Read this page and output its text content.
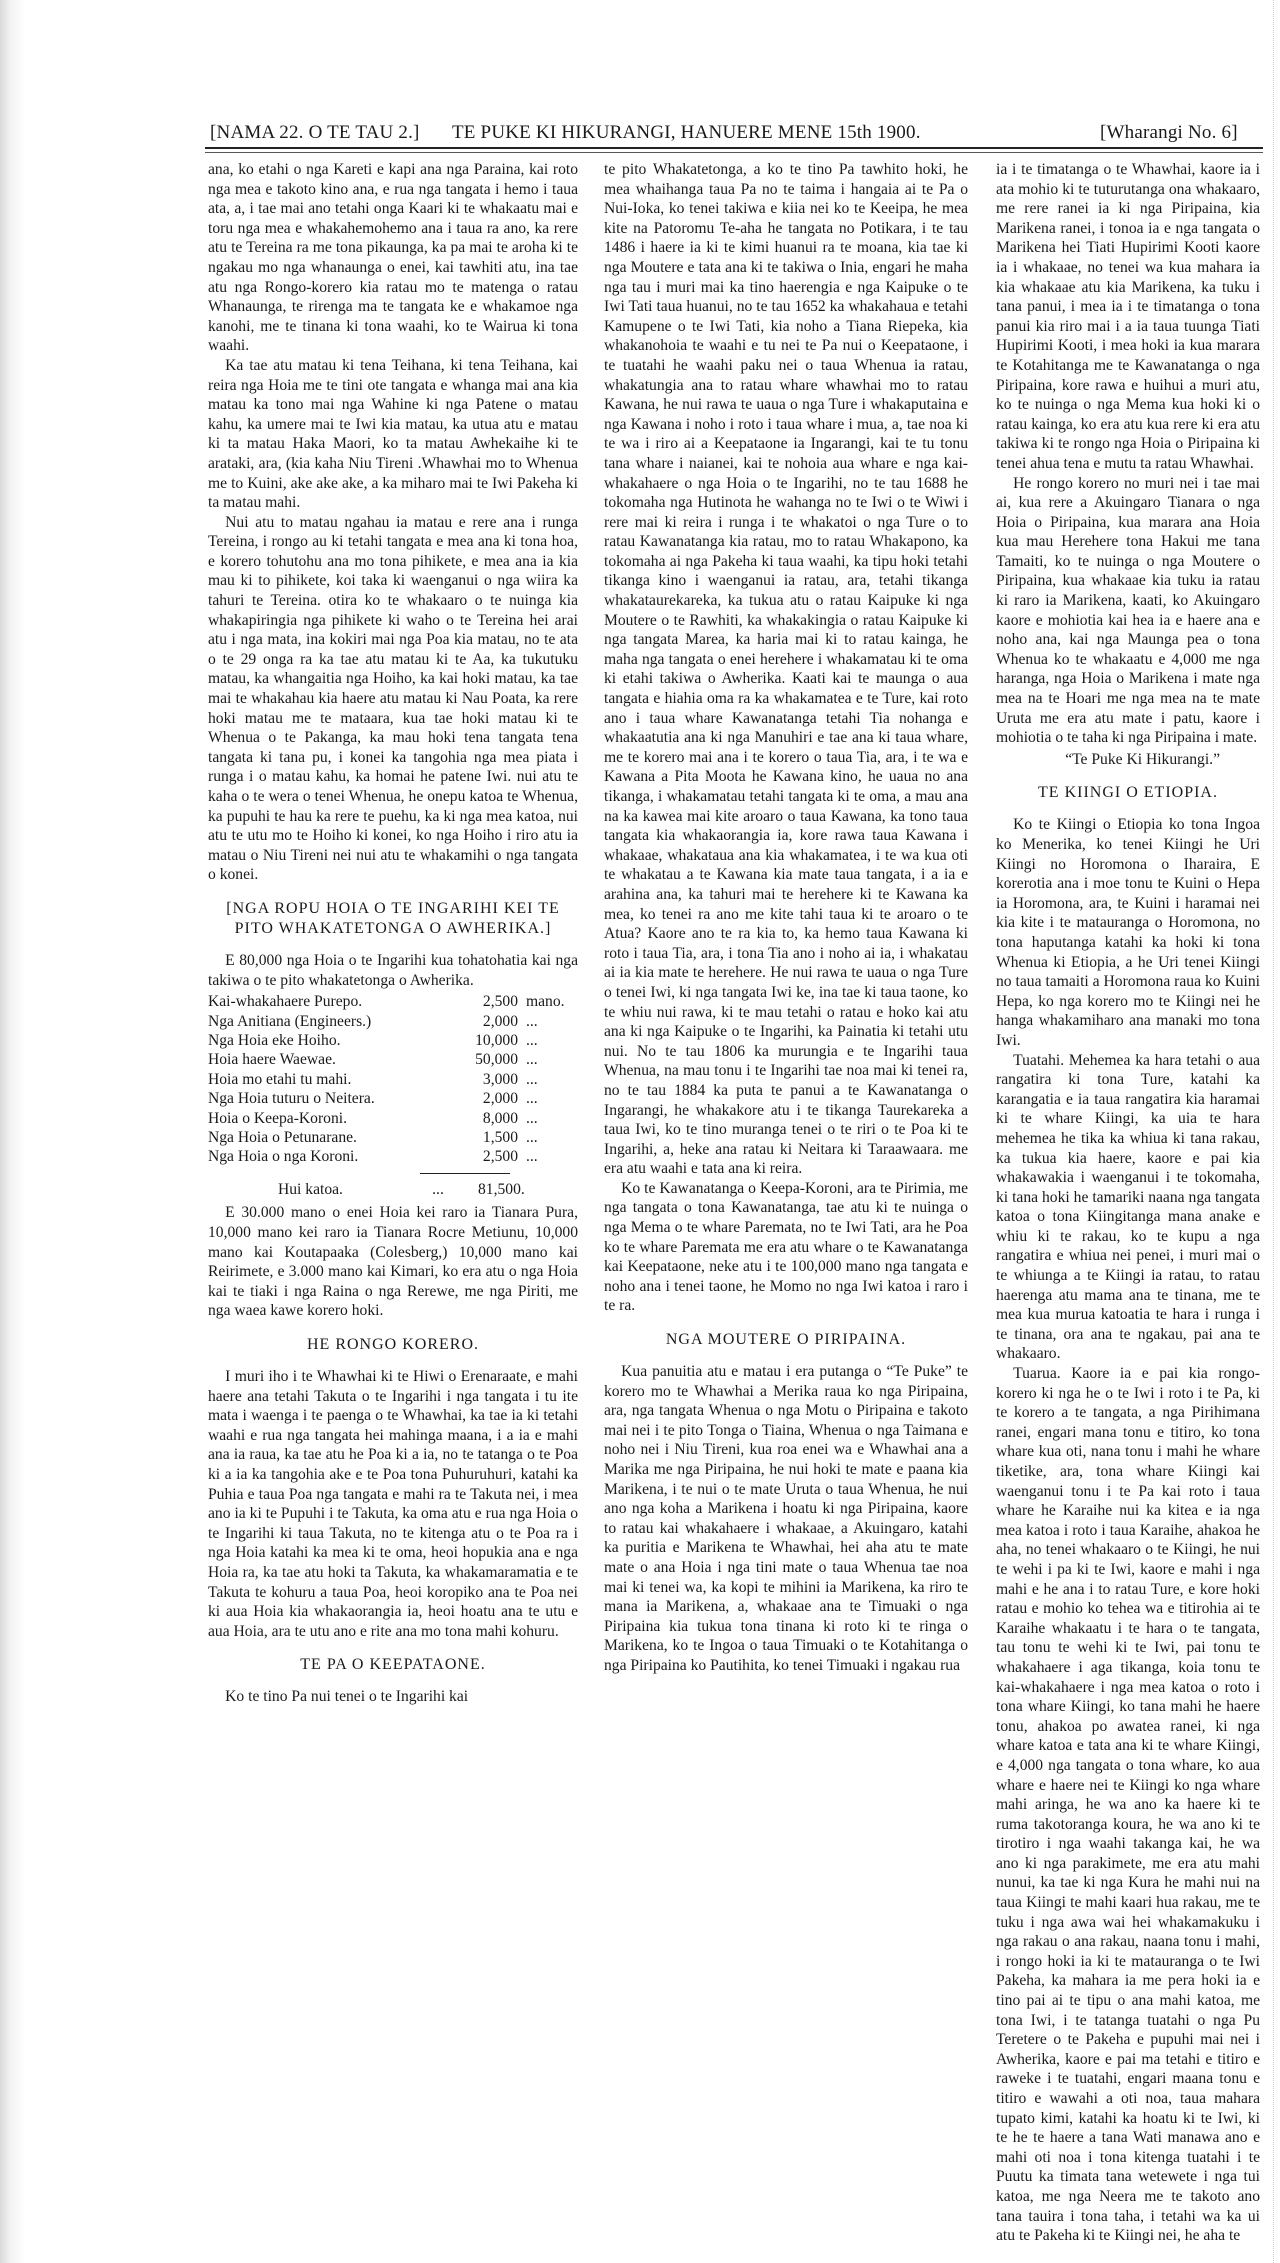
[NAMA 22. O TE TAU 2.] TE PUKE KI HIKURANGI, HANUERE MENE 15th 1900.	[Wharangi No. 6]

ana, ko etahi o nga Kareti e kapi ana nga Paraina, kai roto nga mea e takoto kino ana, e rua nga tangata i hemo i taua ata, a, i tae mai ano tetahi onga Kaari ki te whakaatu mai e toru nga mea e whakahemohemo ana i taua ra ano, ka rere atu te Tereina ra me tona pikaunga, ka pa mai te aroha ki te ngakau mo nga whanaunga o enei, kai tawhiti atu, ina tae atu nga Rongo-korero kia ratau mo te matenga o ratau Whanaunga, te rirenga ma te tangata ke e whakamoe nga kanohi, me te tinana ki tona waahi, ko te Wairua ki tona waahi.

Ka tae atu matau ki tena Teihana, ki tena Teihana, kai reira nga Hoia me te tini ote tangata e whanga mai ana kia matau ka tono mai nga Wahine ki nga Patene o matau kahu, ka umere mai te Iwi kia matau, ka utua atu e matau ki ta matau Haka Maori, ko ta matau Awhekaihe ki te arataki, ara, (kia kaha Niu Tireni .Whawhai mo to Whenua me to Kuini, ake ake ake, a ka miharo mai te Iwi Pakeha ki ta matau mahi.

Nui atu to matau ngahau ia matau e rere ana i runga Tereina, i rongo au ki tetahi tangata e mea ana ki tona hoa, e korero tohutohu ana mo tona pihikete, e mea ana ia kia mau ki to pihikete, koi taka ki waenganui o nga wiira ka tahuri te Tereina. otira ko te whakaaro o te nuinga kia whakapiringia nga pihikete ki waho o te Tereina hei arai atu i nga mata, ina kokiri mai nga Poa kia matau, no te ata o te 29 onga ra ka tae atu matau ki te Aa, ka tukutuku matau, ka whangaitia nga Hoiho, ka kai hoki matau, ka tae mai te whakahau kia haere atu matau ki Nau Poata, ka rere hoki matau me te mataara, kua tae hoki matau ki te Whenua o te Pakanga, ka mau hoki tena tangata tena tangata ki tana pu, i konei ka tangohia nga mea piata i runga i o matau kahu, ka homai he patene Iwi. nui atu te kaha o te wera o tenei Whenua, he onepu katoa te Whenua, ka pupuhi te hau ka rere te puehu, ka ki nga mea katoa, nui atu te utu mo te Hoiho ki konei, ko nga Hoiho i riro atu ia matau o Niu Tireni nei nui atu te whakamihi o nga tangata o konei.

[NGA ROPU HOIA O TE INGARIHI KEI TE PITO WHAKATETONGA O AWHERIKA.]

E 80,000 nga Hoia o te Ingarihi kua tohatohatia kai nga takiwa o te pito whakatetonga o Awherika.

Kai-whakahaere Purepo.	2,500 mano.
Nga Anitiana (Engineers.)	2,000 ...
Nga Hoia eke Hoiho.	10,000 ...
Hoia haere Waewae.	50,000 ...
Hoia mo etahi tu mahi.	3,000 ...
Nga Hoia tuturu o Neitera.	2,000 ...
Hoia o Keepa-Koroni.	8,000 ...
Nga Hoia o Petunarane.	1,500 ...
Nga Hoia o nga Koroni.	2,500 ...
Hui katoa.	...	81,500.

E 30.000 mano o enei Hoia kei raro ia Tianara Pura, 10,000 mano kei raro ia Tianara Rocre Metiunu, 10,000 mano kai Koutapaaka (Colesberg,) 10,000 mano kai Reirimete, e 3.000 mano kai Kimari, ko era atu o nga Hoia kai te tiaki i nga Raina o nga Rerewe, me nga Piriti, me nga waea kawe korero hoki.

HE RONGO KORERO.

I muri iho i te Whawhai ki te Hiwi o Erenaraate, e mahi haere ana tetahi Takuta o te Ingarihi i nga tangata i tu ite mata i waenga i te paenga o te Whawhai, ka tae ia ki tetahi waahi e rua nga tangata hei mahinga maana, i a ia e mahi ana ia raua, ka tae atu he Poa ki a ia, no te tatanga o te Poa ki a ia ka tangohia ake e te Poa tona Puhuruhuri, katahi ka Puhia e taua Poa nga tangata e mahi ra te Takuta nei, i mea ano ia ki te Pupuhi i te Takuta, ka oma atu e rua nga Hoia o te Ingarihi ki taua Takuta, no te kitenga atu o te Poa ra i nga Hoia katahi ka mea ki te oma, heoi hopukia ana e nga Hoia ra, ka tae atu hoki ta Takuta, ka whakamaramatia e te Takuta te kohuru a taua Poa, heoi koropiko ana te Poa nei ki aua Hoia kia whakaorangia ia, heoi hoatu ana te utu e aua Hoia, ara te utu ano e rite ana mo tona mahi kohuru.

TE PA O KEEPATAONE.

Ko te tino Pa nui tenei o te Ingarihi kai

te pito Whakatetonga, a ko te tino Pa tawhito hoki, he mea whaihanga taua Pa no te taima i hangaia ai te Pa o Nui-Ioka, ko tenei takiwa e kiia nei ko te Keeipa, he mea kite na Patoromu Te-aha he tangata no Potikara, i te tau 1486 i haere ia ki te kimi huanui ra te moana, kia tae ki nga Moutere e tata ana ki te takiwa o Inia, engari he maha nga tau i muri mai ka tino haerengia e nga Kaipuke o te Iwi Tati taua huanui, no te tau 1652 ka whakahaua e tetahi Kamupene o te Iwi Tati, kia noho a Tiana Riepeka, kia whakanohoia te waahi e tu nei te Pa nui o Keepataone, i te tuatahi he waahi paku nei o taua Whenua ia ratau, whakatungia ana to ratau whare whawhai mo to ratau Kawana, he nui rawa te uaua o nga Ture i whakaputaina e nga Kawana i noho i roto i taua whare i mua, a, tae noa ki te wa i riro ai a Keepataone ia Ingarangi, kai te tu tonu tana whare i naianei, kai te nohoia aua whare e nga kai-whakahaere o nga Hoia o te Ingarihi, no te tau 1688 he tokomaha nga Hutinota he wahanga no te Iwi o te Wiwi i rere mai ki reira i runga i te whakatoi o nga Ture o to ratau Kawanatanga kia ratau, mo to ratau Whakapono, ka tokomaha ai nga Pakeha ki taua waahi, ka tipu hoki tetahi tikanga kino i waenganui ia ratau, ara, tetahi tikanga whakataurekareka, ka tukua atu o ratau Kaipuke ki nga Moutere o te Rawhiti, ka whakakingia o ratau Kaipuke ki nga tangata Marea, ka haria mai ki to ratau kainga, he maha nga tangata o enei herehere i whakamatau ki te oma ki etahi takiwa o Awherika. Kaati kai te maunga o aua tangata e hiahia oma ra ka whakamatea e te Ture, kai roto ano i taua whare Kawanatanga tetahi Tia nohanga e whakaatutia ana ki nga Manuhiri e tae ana ki taua whare, me te korero mai ana i te korero o taua Tia, ara, i te wa e Kawana a Pita Moota he Kawana kino, he uaua no ana tikanga, i whakamatau tetahi tangata ki te oma, a mau ana na ka kawea mai kite aroaro o taua Kawana, ka tono taua tangata kia whakaorangia ia, kore rawa taua Kawana i whakaae, whakataua ana kia whakamatea, i te wa kua oti te whakatau a te Kawana kia mate taua tangata, i a ia e arahina ana, ka tahuri mai te herehere ki te Kawana ka mea, ko tenei ra ano me kite tahi taua ki te aroaro o te Atua? Kaore ano te ra kia to, ka hemo taua Kawana ki roto i taua Tia, ara, i tona Tia ano i noho ai ia, i whakatau ai ia kia mate te herehere. He nui rawa te uaua o nga Ture o tenei Iwi, ki nga tangata Iwi ke, ina tae ki taua taone, ko te whiu nui rawa, ki te mau tetahi o ratau e hoko kai atu ana ki nga Kaipuke o te Ingarihi, ka Painatia ki tetahi utu nui. No te tau 1806 ka murungia e te Ingarihi taua Whenua, na mau tonu i te Ingarihi tae noa mai ki tenei ra, no te tau 1884 ka puta te panui a te Kawanatanga o Ingarangi, he whakakore atu i te tikanga Taurekareka a taua Iwi, ko te tino muranga tenei o te riri o te Poa ki te Ingarihi, a, heke ana ratau ki Neitara ki Taraawaara. me era atu waahi e tata ana ki reira.

Ko te Kawanatanga o Keepa-Koroni, ara te Pirimia, me nga tangata o tona Kawanatanga, tae atu ki te nuinga o nga Mema o te whare Paremata, no te Iwi Tati, ara he Poa ko te whare Paremata me era atu whare o te Kawanatanga kai Keepataone, neke atu i te 100,000 mano nga tangata e noho ana i tenei taone, he Momo no nga Iwi katoa i raro i te ra.

NGA MOUTERE O PIRIPAINA.

Kua panuitia atu e matau i era putanga o “Te Puke” te korero mo te Whawhai a Merika raua ko nga Piripaina, ara, nga tangata Whenua o nga Motu o Piripaina e takoto mai nei i te pito Tonga o Tiaina, Whenua o nga Taimana e noho nei i Niu Tireni, kua roa enei wa e Whawhai ana a Marika me nga Piripaina, he nui hoki te mate e paana kia Marikena, i te nui o te mate Uruta o taua Whenua, he nui ano nga koha a Marikena i hoatu ki nga Piripaina, kaore to ratau kai whakahaere i whakaae, a Akuingaro, katahi ka puritia e Marikena te Whawhai, hei aha atu te mate mate o ana Hoia i nga tini mate o taua Whenua tae noa mai ki tenei wa, ka kopi te mihini ia Marikena, ka riro te mana ia Marikena, a, whakaae ana te Timuaki o nga Piripaina kia tukua tona tinana ki roto ki te ringa o Marikena, ko te Ingoa o taua Timuaki o te Kotahitanga o nga Piripaina ko Pautihita, ko tenei Timuaki i ngakau rua

ia i te timatanga o te Whawhai, kaore ia i ata mohio ki te tuturutanga ona whakaaro, me rere ranei ia ki nga Piripaina, kia Marikena ranei, i tonoa ia e nga tangata o Marikena hei Tiati Hupirimi Kooti kaore ia i whakaae, no tenei wa kua mahara ia kia whakaae atu kia Marikena, ka tuku i tana panui, i mea ia i te timatanga o tona panui kia riro mai i a ia taua tuunga Tiati Hupirimi Kooti, i mea hoki ia kua marara te Kotahitanga me te Kawanatanga o nga Piripaina, kore rawa e huihui a muri atu, ko te nuinga o nga Mema kua hoki ki o ratau kainga, ko era atu kua rere ki era atu takiwa ki te rongo nga Hoia o Piripaina ki tenei ahua tena e mutu ta ratau Whawhai.

He rongo korero no muri nei i tae mai ai, kua rere a Akuingaro Tianara o nga Hoia o Piripaina, kua marara ana Hoia kua mau Herehere tona Hakui me tana Tamaiti, ko te nuinga o nga Moutere o Piripaina, kua whakaae kia tuku ia ratau ki raro ia Marikena, kaati, ko Akuingaro kaore e mohiotia kai hea ia e haere ana e noho ana, kai nga Maunga pea o tona Whenua ko te whakaatu e 4,000 me nga haranga, nga Hoia o Marikena i mate nga mea na te Hoari me nga mea na te mate Uruta me era atu mate i patu, kaore i mohiotia o te taha ki nga Piripaina i mate.

“Te Puke Ki Hikurangi.”
TE KIINGI O ETIOPIA.

Ko te Kiingi o Etiopia ko tona Ingoa ko Menerika, ko tenei Kiingi he Uri Kiingi no Horomona o Iharaira, E korerotia ana i moe tonu te Kuini o Hepa ia Horomona, ara, te Kuini i haramai nei kia kite i te matauranga o Horomona, no tona haputanga katahi ka hoki ki tona Whenua ki Etiopia, a he Uri tenei Kiingi no taua tamaiti a Horomona raua ko Kuini Hepa, ko nga korero mo te Kiingi nei he hanga whakamiharo ana manaki mo tona Iwi.

Tuatahi. Mehemea ka hara tetahi o aua rangatira ki tona Ture, katahi ka karangatia e ia taua rangatira kia haramai ki te whare Kiingi, ka uia te hara mehemea he tika ka whiua ki tana rakau, ka tukua kia haere, kaore e pai kia whakawakia i waenganui i te tokomaha, ki tana hoki he tamariki naana nga tangata katoa o tona Kiingitanga mana anake e whiu ki te rakau, ko te kupu a nga rangatira e whiua nei penei, i muri mai o te whiunga a te Kiingi ia ratau, to ratau haerenga atu mama ana te tinana, me te mea kua murua katoatia te hara i runga i te tinana, ora ana te ngakau, pai ana te whakaaro.

Tuarua. Kaore ia e pai kia rongo-korero ki nga he o te Iwi i roto i te Pa, ki te korero a te tangata, a nga Pirihimana ranei, engari mana tonu e titiro, ko tona whare kua oti, nana tonu i mahi he whare tiketike, ara, tona whare Kiingi kai waenganui tonu i te Pa kai roto i taua whare he Karaihe nui ka kitea e ia nga mea katoa i roto i taua Karaihe, ahakoa he aha, no tenei whakaaro o te Kiingi, he nui te wehi i pa ki te Iwi, kaore e mahi i nga mahi e he ana i to ratau Ture, e kore hoki ratau e mohio ko tehea wa e titirohia ai te Karaihe whakaatu i te hara o te tangata, tau tonu te wehi ki te Iwi, pai tonu te whakahaere i aga tikanga, koia tonu te kai-whakahaere i nga mea katoa o roto i tona whare Kiingi, ko tana mahi he haere tonu, ahakoa po awatea ranei, ki nga whare katoa e tata ana ki te whare Kiingi, e 4,000 nga tangata o tona whare, ko aua whare e haere nei te Kiingi ko nga whare mahi aringa, he wa ano ka haere ki te ruma takotoranga koura, he wa ano ki te tirotiro i nga waahi takanga kai, he wa ano ki nga parakimete, me era atu mahi nunui, ka tae ki nga Kura he mahi nui na taua Kiingi te mahi kaari hua rakau, me te tuku i nga awa wai hei whakamakuku i nga rakau o ana rakau, naana tonu i mahi, i rongo hoki ia ki te matauranga o te Iwi Pakeha, ka mahara ia me pera hoki ia e tino pai ai te tipu o ana mahi katoa, me tona Iwi, i te tatanga tuatahi o nga Pu Teretere o te Pakeha e pupuhi mai nei i Awherika, kaore e pai ma tetahi e titiro e raweke i te tuatahi, engari maana tonu e titiro e wawahi a oti noa, taua mahara tupato kimi, katahi ka hoatu ki te Iwi, ki te he te haere a tana Wati manawa ano e mahi oti noa i tona kitenga tuatahi i te Puutu ka timata tana wetewete i nga tui katoa, me nga Neera me te takoto ano tana tauira i tona taha, i tetahi wa ka ui atu te Pakeha ki te Kiingi nei, he aha te
